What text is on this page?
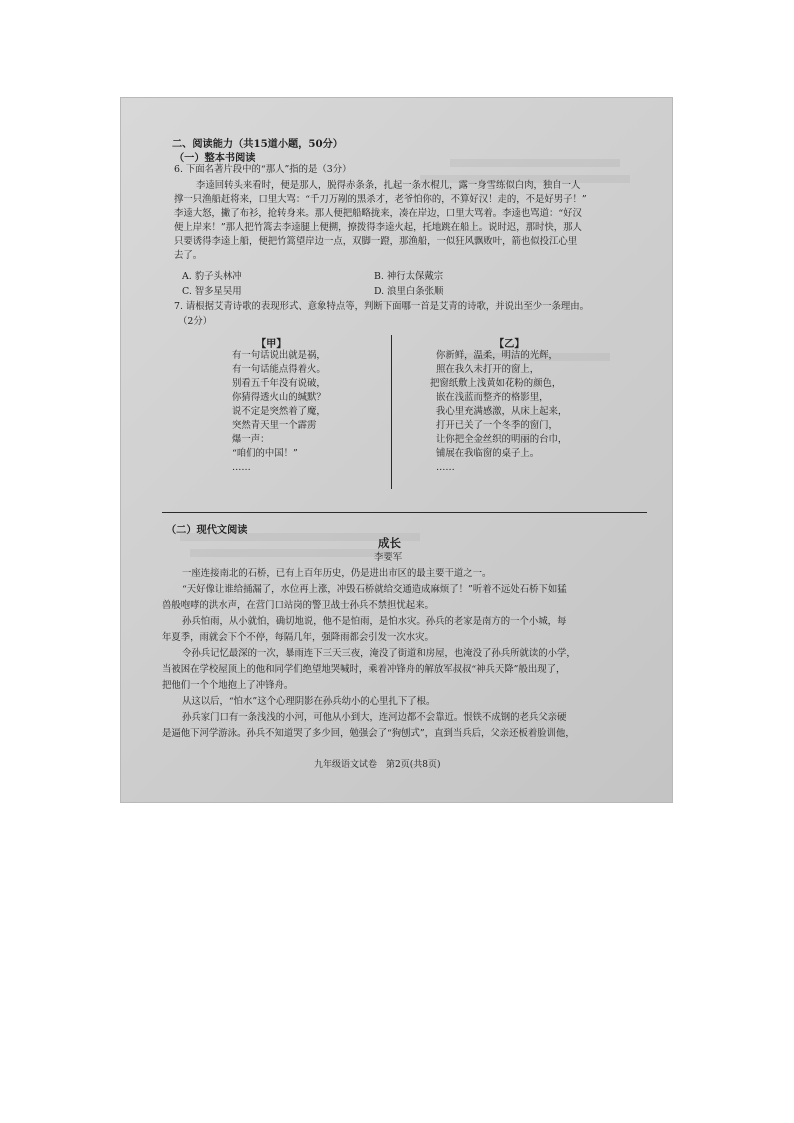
二、阅读能力（共15道小题，50分）
（一）整本书阅读
6. 下面名著片段中的“那人”指的是（3分）
李逵回转头来看时，便是那人，脱得赤条条，扎起一条水棍儿，露一身雪练似白肉，独自一人
撑一只渔船赶将来，口里大骂：“千刀万剐的黑杀才，老爷怕你的，不算好汉！走的，不是好男子！”
李逵大怒，撇了布衫，抢转身来。那人便把船略拢来，凑在岸边，口里大骂着。李逵也骂道：“好汉
便上岸来！”那人把竹篙去李逵腿上便搠，撩拨得李逵火起，托地跳在船上。说时迟，那时快，那人
只要诱得李逵上船，便把竹篙望岸边一点，双脚一蹬，那渔船，一似狂风飘败叶，箭也似投江心里
去了。
A. 豹子头林冲	B. 神行太保戴宗
C. 智多星吴用	D. 浪里白条张顺
7. 请根据艾青诗歌的表现形式、意象特点等，判断下面哪一首是艾青的诗歌，并说出至少一条理由。
（2分）
【甲】
有一句话说出就是祸，
有一句话能点得着火。
别看五千年没有说破，
你猜得透火山的缄默？
说不定是突然着了魔，
突然青天里一个霹雳
爆一声：
“咱们的中国！”
……
【乙】
你新鲜，温柔，明洁的光辉，
照在我久未打开的窗上，
把窗纸敷上浅黄如花粉的颜色，
嵌在浅蓝而整齐的格影里，
我心里充满感激，从床上起来，
打开已关了一个冬季的窗门，
让你把全金丝织的明丽的台巾，
铺展在我临窗的桌子上。
……
（二）现代文阅读
成长
李要军
一座连接南北的石桥，已有上百年历史，仍是进出市区的最主要干道之一。
“天好像让谁给捅漏了，水位再上涨，冲毁石桥就给交通造成麻烦了！”听着不远处石桥下如猛
兽般咆哮的洪水声，在营门口站岗的警卫战士孙兵不禁担忧起来。
孙兵怕雨，从小就怕，确切地说，他不是怕雨，是怕水灾。孙兵的老家是南方的一个小城，每
年夏季，雨就会下个不停，每隔几年，强降雨都会引发一次水灾。
令孙兵记忆最深的一次，暴雨连下三天三夜，淹没了街道和房屋，也淹没了孙兵所就读的小学，
当被困在学校屋顶上的他和同学们绝望地哭喊时，乘着冲锋舟的解放军叔叔“神兵天降”般出现了，
把他们一个个地抱上了冲锋舟。
从这以后，“怕水”这个心理阴影在孙兵幼小的心里扎下了根。
孙兵家门口有一条浅浅的小河，可他从小到大，连河边都不会靠近。恨铁不成钢的老兵父亲硬
是逼他下河学游泳。孙兵不知道哭了多少回，勉强会了“狗刨式”，直到当兵后，父亲还板着脸训他，
九年级语文试卷　第2页(共8页)
